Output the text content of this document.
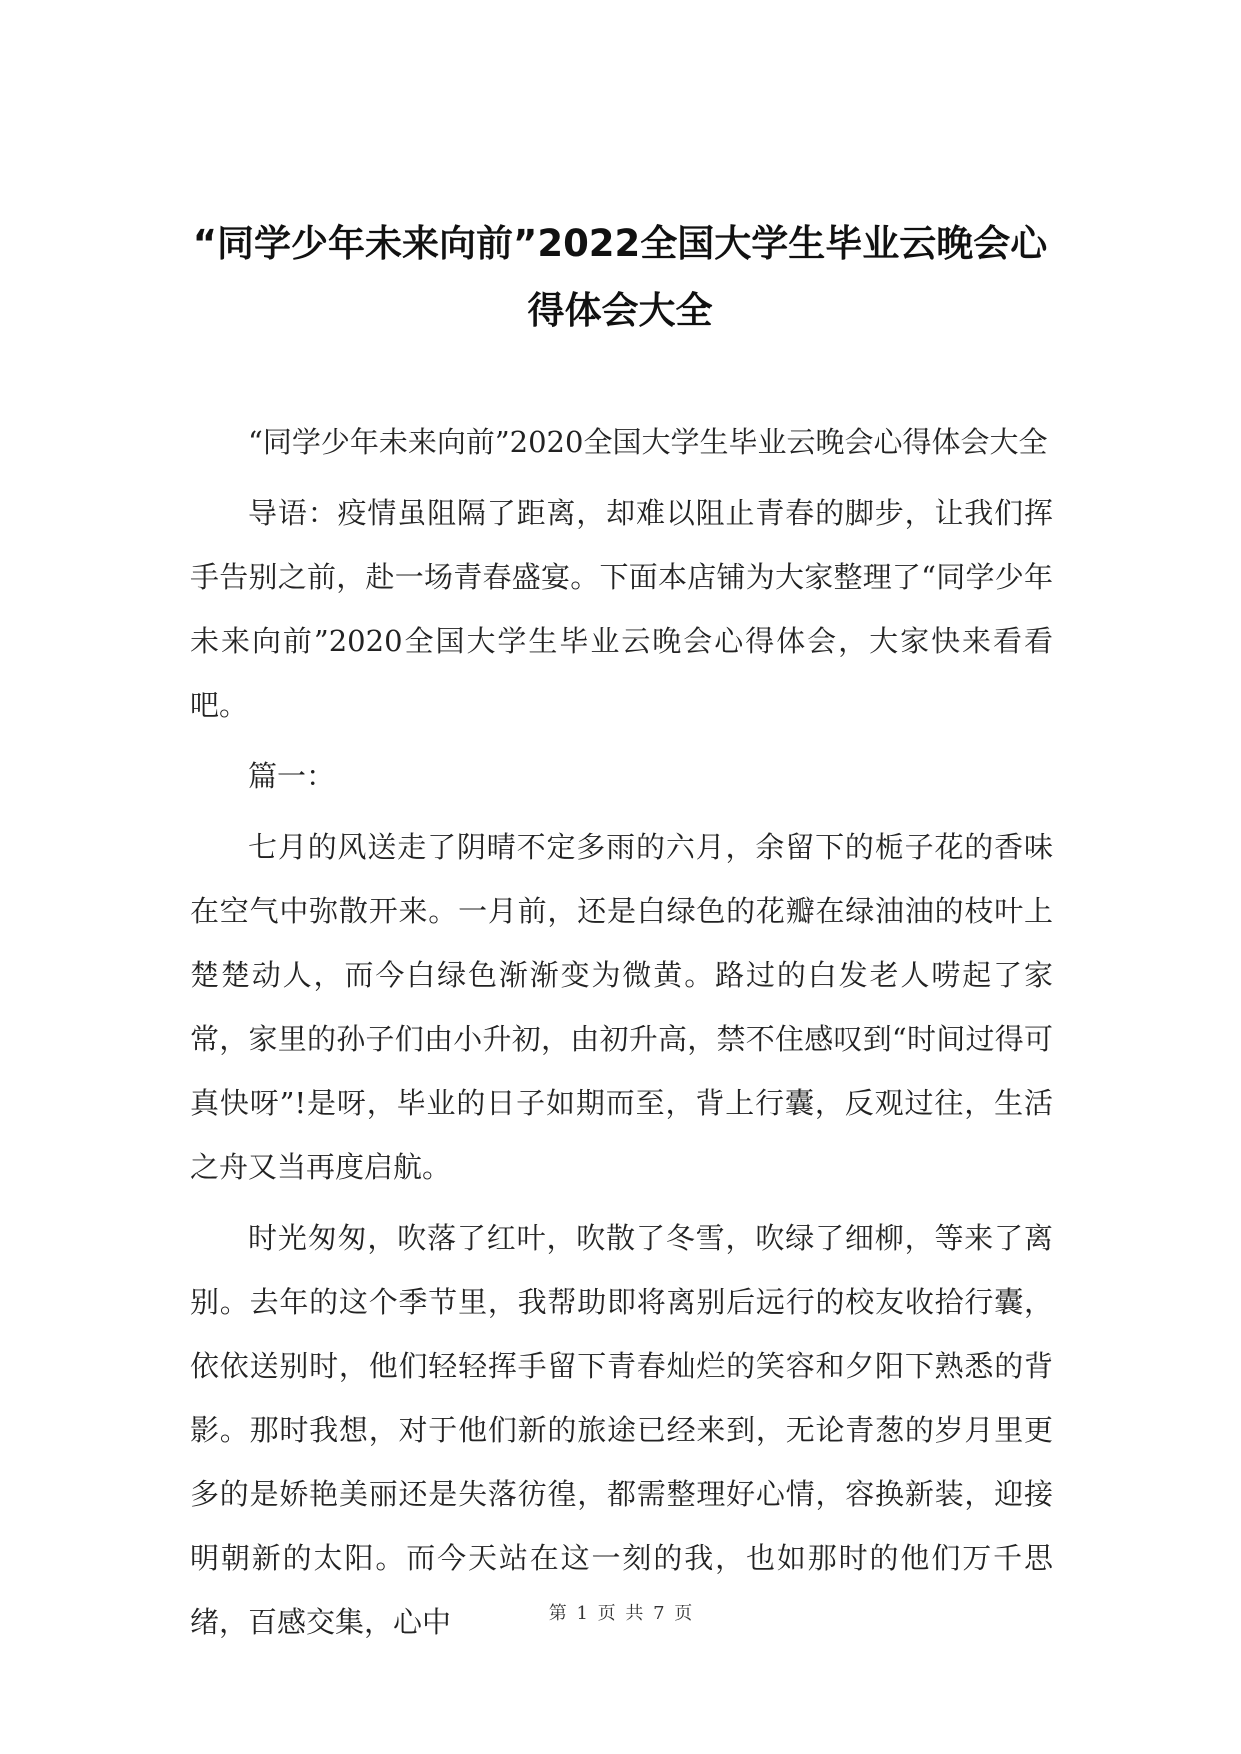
“同学少年未来向前”2022全国大学生毕业云晚会心得体会大全

“同学少年未来向前”2020全国大学生毕业云晚会心得体会大全

导语：疫情虽阻隔了距离，却难以阻止青春的脚步，让我们挥手告别之前，赴一场青春盛宴。下面本店铺为大家整理了“同学少年未来向前”2020全国大学生毕业云晚会心得体会，大家快来看看吧。

篇一：

七月的风送走了阴晴不定多雨的六月，余留下的栀子花的香味在空气中弥散开来。一月前，还是白绿色的花瓣在绿油油的枝叶上楚楚动人，而今白绿色渐渐变为微黄。路过的白发老人唠起了家常，家里的孙子们由小升初，由初升高，禁不住感叹到“时间过得可真快呀”!是呀，毕业的日子如期而至，背上行囊，反观过往，生活之舟又当再度启航。

时光匆匆，吹落了红叶，吹散了冬雪，吹绿了细柳，等来了离别。去年的这个季节里，我帮助即将离别后远行的校友收拾行囊，依依送别时，他们轻轻挥手留下青春灿烂的笑容和夕阳下熟悉的背影。那时我想，对于他们新的旅途已经来到，无论青葱的岁月里更多的是娇艳美丽还是失落彷徨，都需整理好心情，容换新装，迎接明朝新的太阳。而今天站在这一刻的我，也如那时的他们万千思绪，百感交集，心中	第 1 页 共 7 页
